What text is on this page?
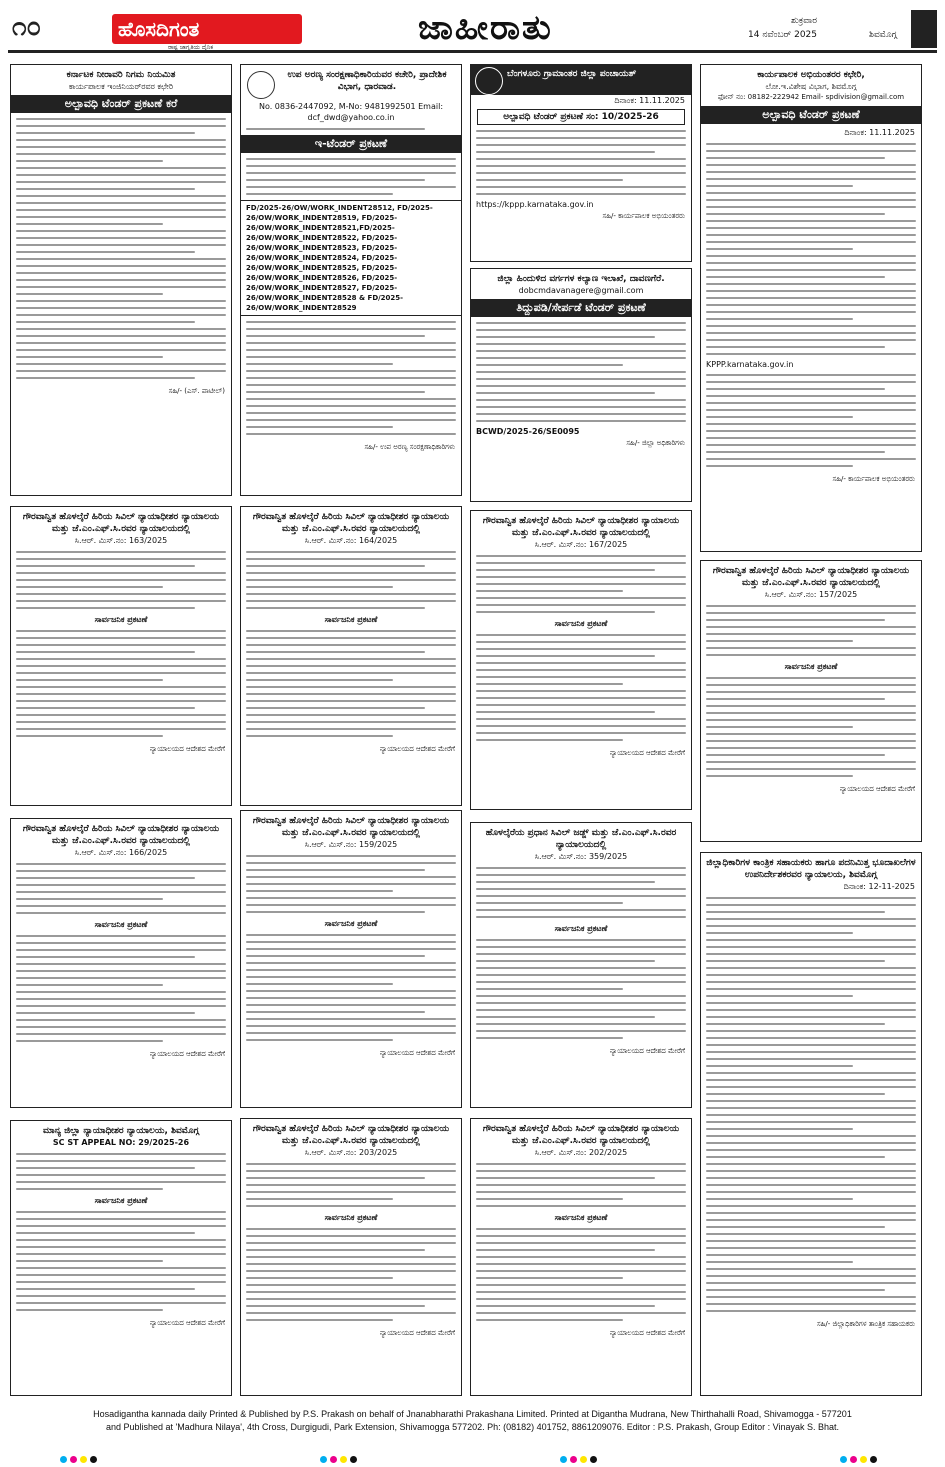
೧೦	ಹೊಸದಿಗಂತ
ರಾಷ್ಟ್ರ ಜಾಗೃತಿಯ ದೈನಿಕ	ಜಾಹೀರಾತು	ಶುಕ್ರವಾರ
14 ನವೆಂಬರ್ 2025	ಶಿವಮೊಗ್ಗ
ಕರ್ನಾಟಕ ನೀರಾವರಿ ನಿಗಮ ನಿಯಮಿತ
ಕಾರ್ಯಪಾಲಕ ಇಂಜಿನಿಯರ್‌ರವರ ಕಛೇರಿ
ಅಲ್ಪಾವಧಿ ಟೆಂಡರ್ ಪ್ರಕಟಣೆ ಕರೆ
ಸಹಿ/- (ಎಸ್. ಪಾಟೀಲ್)
ಉಪ ಅರಣ್ಯ ಸಂರಕ್ಷಣಾಧಿಕಾರಿಯವರ ಕಚೇರಿ, ಪ್ರಾದೇಶಿಕ ವಿಭಾಗ, ಧಾರವಾಡ.
No. 0836-2447092, M-No: 9481992501 Email: dcf_dwd@yahoo.co.in
ಇ-ಟೆಂಡರ್ ಪ್ರಕಟಣೆ
FD/2025-26/OW/WORK_INDENT28512, FD/2025-26/OW/WORK_INDENT28519, FD/2025-26/OW/WORK_INDENT28521,FD/2025-26/OW/WORK_INDENT28522, FD/2025-26/OW/WORK_INDENT28523, FD/2025-26/OW/WORK_INDENT28524, FD/2025-26/OW/WORK_INDENT28525, FD/2025-26/OW/WORK_INDENT28526, FD/2025-26/OW/WORK_INDENT28527, FD/2025-26/OW/WORK_INDENT28528 & FD/2025-26/OW/WORK_INDENT28529
ಸಹಿ/- ಉಪ ಅರಣ್ಯ ಸಂರಕ್ಷಣಾಧಿಕಾರಿಗಳು
ಬೆಂಗಳೂರು ಗ್ರಾಮಾಂತರ ಜಿಲ್ಲಾ ಪಂಚಾಯತ್
ದಿನಾಂಕ: 11.11.2025
ಅಲ್ಪಾವಧಿ ಟೆಂಡರ್ ಪ್ರಕಟಣೆ ಸಂ: 10/2025-26
https://kppp.karnataka.gov.in
ಸಹಿ/- ಕಾರ್ಯಪಾಲಕ ಅಭಿಯಂತರರು
ಜಿಲ್ಲಾ ಹಿಂದುಳಿದ ವರ್ಗಗಳ ಕಲ್ಯಾಣ ಇಲಾಖೆ, ದಾವಣಗೆರೆ.
dobcmdavanagere@gmail.com
ತಿದ್ದುಪಡಿ/ಸೇರ್ಪಡೆ ಟೆಂಡರ್ ಪ್ರಕಟಣೆ
BCWD/2025-26/SE0095
ಸಹಿ/- ಜಿಲ್ಲಾ ಅಧಿಕಾರಿಗಳು
ಕಾರ್ಯಪಾಲಕ ಅಭಿಯಂತರರ ಕಛೇರಿ,
ಲೋ.ಇ.ವಿಶೇಷ ವಿಭಾಗ, ಶಿವಮೊಗ್ಗ
ಫೋನ್ ನಂ: 08182-222942 Email- spdivision@gmail.com
ಅಲ್ಪಾವಧಿ ಟೆಂಡರ್ ಪ್ರಕಟಣೆ
ದಿನಾಂಕ: 11.11.2025
KPPP.karnataka.gov.in
ಸಹಿ/- ಕಾರ್ಯಪಾಲಕ ಅಭಿಯಂತರರು
ಗೌರವಾನ್ವಿತ ಹೊಳಲ್ಕೆರೆ ಹಿರಿಯ ಸಿವಿಲ್ ನ್ಯಾಯಾಧೀಶರ ನ್ಯಾಯಾಲಯ ಮತ್ತು ಜೆ.ಎಂ.ಎಫ್.ಸಿ.ರವರ ನ್ಯಾಯಾಲಯದಲ್ಲಿ
ಸಿ.ಆರ್. ಮಿಸ್.ನಂ: 163/2025
ಸಾರ್ವಜನಿಕ ಪ್ರಕಟಣೆ
ನ್ಯಾಯಾಲಯದ ಆದೇಶದ ಮೇರೆಗೆ
ಗೌರವಾನ್ವಿತ ಹೊಳಲ್ಕೆರೆ ಹಿರಿಯ ಸಿವಿಲ್ ನ್ಯಾಯಾಧೀಶರ ನ್ಯಾಯಾಲಯ ಮತ್ತು ಜೆ.ಎಂ.ಎಫ್.ಸಿ.ರವರ ನ್ಯಾಯಾಲಯದಲ್ಲಿ
ಸಿ.ಆರ್. ಮಿಸ್.ನಂ: 164/2025
ಸಾರ್ವಜನಿಕ ಪ್ರಕಟಣೆ
ನ್ಯಾಯಾಲಯದ ಆದೇಶದ ಮೇರೆಗೆ
ಗೌರವಾನ್ವಿತ ಹೊಳಲ್ಕೆರೆ ಹಿರಿಯ ಸಿವಿಲ್ ನ್ಯಾಯಾಧೀಶರ ನ್ಯಾಯಾಲಯ ಮತ್ತು ಜೆ.ಎಂ.ಎಫ್.ಸಿ.ರವರ ನ್ಯಾಯಾಲಯದಲ್ಲಿ
ಸಿ.ಆರ್. ಮಿಸ್.ನಂ: 167/2025
ಸಾರ್ವಜನಿಕ ಪ್ರಕಟಣೆ
ನ್ಯಾಯಾಲಯದ ಆದೇಶದ ಮೇರೆಗೆ
ಗೌರವಾನ್ವಿತ ಹೊಳಲ್ಕೆರೆ ಹಿರಿಯ ಸಿವಿಲ್ ನ್ಯಾಯಾಧೀಶರ ನ್ಯಾಯಾಲಯ ಮತ್ತು ಜೆ.ಎಂ.ಎಫ್.ಸಿ.ರವರ ನ್ಯಾಯಾಲಯದಲ್ಲಿ
ಸಿ.ಆರ್. ಮಿಸ್.ನಂ: 157/2025
ಸಾರ್ವಜನಿಕ ಪ್ರಕಟಣೆ
ನ್ಯಾಯಾಲಯದ ಆದೇಶದ ಮೇರೆಗೆ
ಗೌರವಾನ್ವಿತ ಹೊಳಲ್ಕೆರೆ ಹಿರಿಯ ಸಿವಿಲ್ ನ್ಯಾಯಾಧೀಶರ ನ್ಯಾಯಾಲಯ ಮತ್ತು ಜೆ.ಎಂ.ಎಫ್.ಸಿ.ರವರ ನ್ಯಾಯಾಲಯದಲ್ಲಿ
ಸಿ.ಆರ್. ಮಿಸ್.ನಂ: 166/2025
ಸಾರ್ವಜನಿಕ ಪ್ರಕಟಣೆ
ನ್ಯಾಯಾಲಯದ ಆದೇಶದ ಮೇರೆಗೆ
ಗೌರವಾನ್ವಿತ ಹೊಳಲ್ಕೆರೆ ಹಿರಿಯ ಸಿವಿಲ್ ನ್ಯಾಯಾಧೀಶರ ನ್ಯಾಯಾಲಯ ಮತ್ತು ಜೆ.ಎಂ.ಎಫ್.ಸಿ.ರವರ ನ್ಯಾಯಾಲಯದಲ್ಲಿ
ಸಿ.ಆರ್. ಮಿಸ್.ನಂ: 159/2025
ಸಾರ್ವಜನಿಕ ಪ್ರಕಟಣೆ
ನ್ಯಾಯಾಲಯದ ಆದೇಶದ ಮೇರೆಗೆ
ಹೊಳಲ್ಕೆರೆಯ ಪ್ರಧಾನ ಸಿವಿಲ್ ಜಡ್ಜ್ ಮತ್ತು ಜೆ.ಎಂ.ಎಫ್.ಸಿ.ರವರ ನ್ಯಾಯಾಲಯದಲ್ಲಿ
ಸಿ.ಆರ್. ಮಿಸ್.ನಂ: 359/2025
ಸಾರ್ವಜನಿಕ ಪ್ರಕಟಣೆ
ನ್ಯಾಯಾಲಯದ ಆದೇಶದ ಮೇರೆಗೆ
ಜಿಲ್ಲಾಧಿಕಾರಿಗಳ ಕಾಂತ್ರಿಕ ಸಹಾಯಕರು ಹಾಗೂ ಪದನಿಮಿತ್ತ ಭೂದಾಖಲೆಗಳ ಉಪನಿರ್ದೇಶಕರವರ ನ್ಯಾಯಾಲಯ, ಶಿವಮೊಗ್ಗ
ದಿನಾಂಕ: 12-11-2025
ಸಹಿ/- ಜಿಲ್ಲಾಧಿಕಾರಿಗಳ ತಾಂತ್ರಿಕ ಸಹಾಯಕರು
ಮಾನ್ಯ ಜಿಲ್ಲಾ ನ್ಯಾಯಾಧೀಶರ ನ್ಯಾಯಾಲಯ, ಶಿವಮೊಗ್ಗ
SC ST APPEAL NO: 29/2025-26
ಸಾರ್ವಜನಿಕ ಪ್ರಕಟಣೆ
ನ್ಯಾಯಾಲಯದ ಆದೇಶದ ಮೇರೆಗೆ
ಗೌರವಾನ್ವಿತ ಹೊಳಲ್ಕೆರೆ ಹಿರಿಯ ಸಿವಿಲ್ ನ್ಯಾಯಾಧೀಶರ ನ್ಯಾಯಾಲಯ ಮತ್ತು ಜೆ.ಎಂ.ಎಫ್.ಸಿ.ರವರ ನ್ಯಾಯಾಲಯದಲ್ಲಿ
ಸಿ.ಆರ್. ಮಿಸ್.ನಂ: 203/2025
ಸಾರ್ವಜನಿಕ ಪ್ರಕಟಣೆ
ನ್ಯಾಯಾಲಯದ ಆದೇಶದ ಮೇರೆಗೆ
ಗೌರವಾನ್ವಿತ ಹೊಳಲ್ಕೆರೆ ಹಿರಿಯ ಸಿವಿಲ್ ನ್ಯಾಯಾಧೀಶರ ನ್ಯಾಯಾಲಯ ಮತ್ತು ಜೆ.ಎಂ.ಎಫ್.ಸಿ.ರವರ ನ್ಯಾಯಾಲಯದಲ್ಲಿ
ಸಿ.ಆರ್. ಮಿಸ್.ನಂ: 202/2025
ಸಾರ್ವಜನಿಕ ಪ್ರಕಟಣೆ
ನ್ಯಾಯಾಲಯದ ಆದೇಶದ ಮೇರೆಗೆ
Hosadigantha kannada daily Printed & Published by P.S. Prakash on behalf of Jnanabharathi Prakashana Limited. Printed at Digantha Mudrana, New Thirthahalli Road, Shivamogga - 577201
and Published at 'Madhura Nilaya', 4th Cross, Durgigudi, Park Extension, Shivamogga 577202. Ph: (08182) 401752, 8861209076. Editor : P.S. Prakash, Group Editor : Vinayak S. Bhat.
